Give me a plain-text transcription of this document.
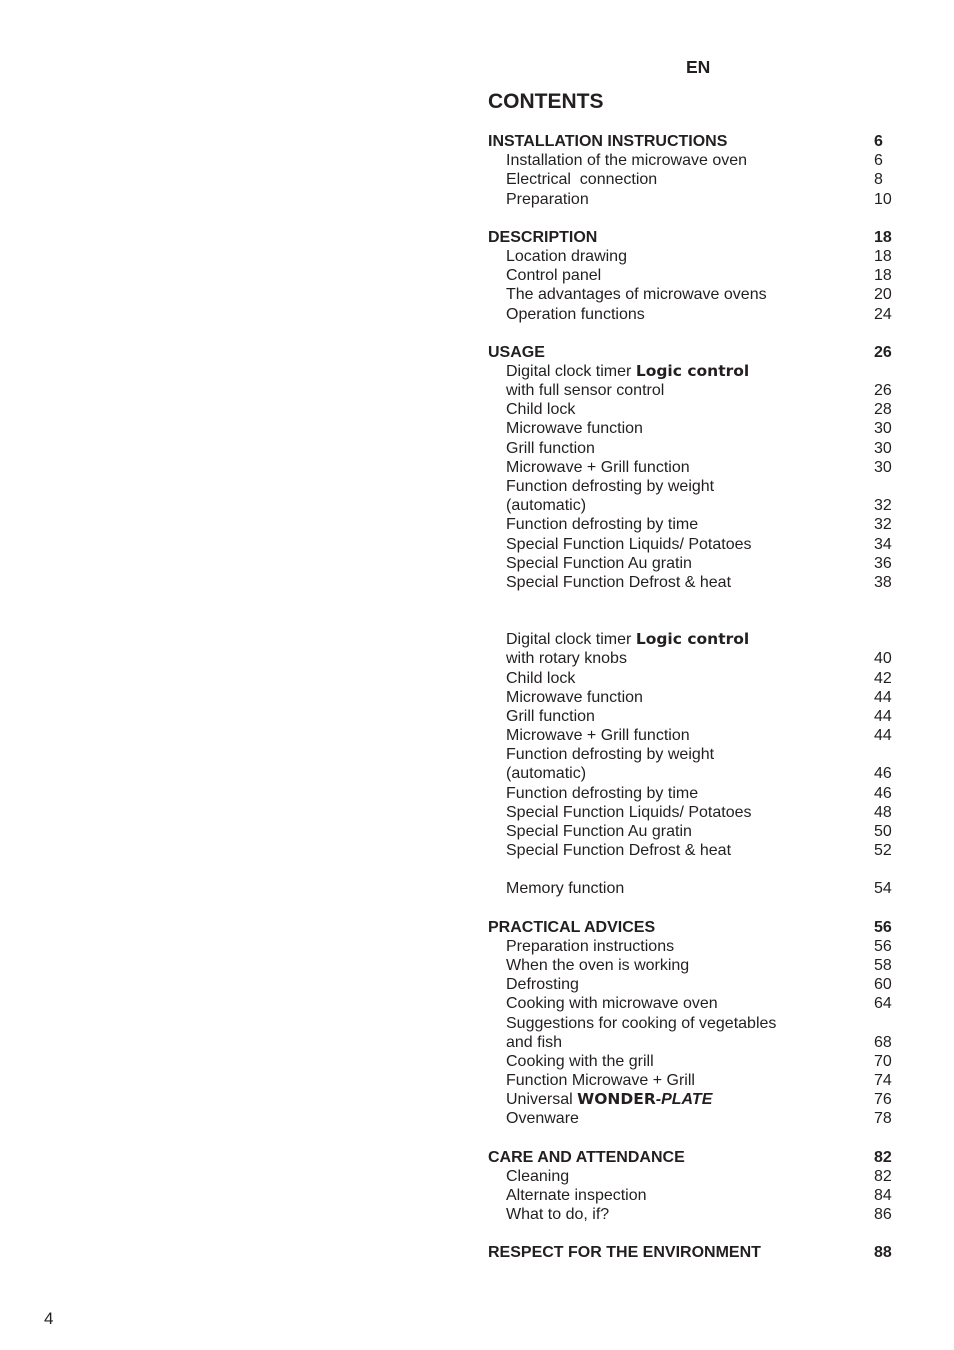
EN
CONTENTS
INSTALLATION INSTRUCTIONS	6
Installation of the microwave oven	6
Electrical  connection	8
Preparation	10
DESCRIPTION	18
Location drawing	18
Control panel	18
The advantages of microwave ovens	20
Operation functions	24
USAGE	26
Digital clock timer Logic control
with full sensor control	26
Child lock	28
Microwave function	30
Grill function	30
Microwave + Grill function	30
Function defrosting by weight
(automatic)	32
Function defrosting by time	32
Special Function Liquids/ Potatoes	34
Special Function Au gratin	36
Special Function Defrost & heat	38
Digital clock timer Logic control
with rotary knobs	40
Child lock	42
Microwave function	44
Grill function	44
Microwave + Grill function	44
Function defrosting by weight
(automatic)	46
Function defrosting by time	46
Special Function Liquids/ Potatoes	48
Special Function Au gratin	50
Special Function Defrost & heat	52
Memory function	54
PRACTICAL ADVICES	56
Preparation instructions	56
When the oven is working	58
Defrosting	60
Cooking with microwave oven	64
Suggestions for cooking of vegetables
and fish	68
Cooking with the grill	70
Function Microwave + Grill	74
Universal WONDER-PLATE	76
Ovenware	78
CARE AND ATTENDANCE	82
Cleaning	82
Alternate inspection	84
What to do, if?	86
RESPECT FOR THE ENVIRONMENT	88
4
